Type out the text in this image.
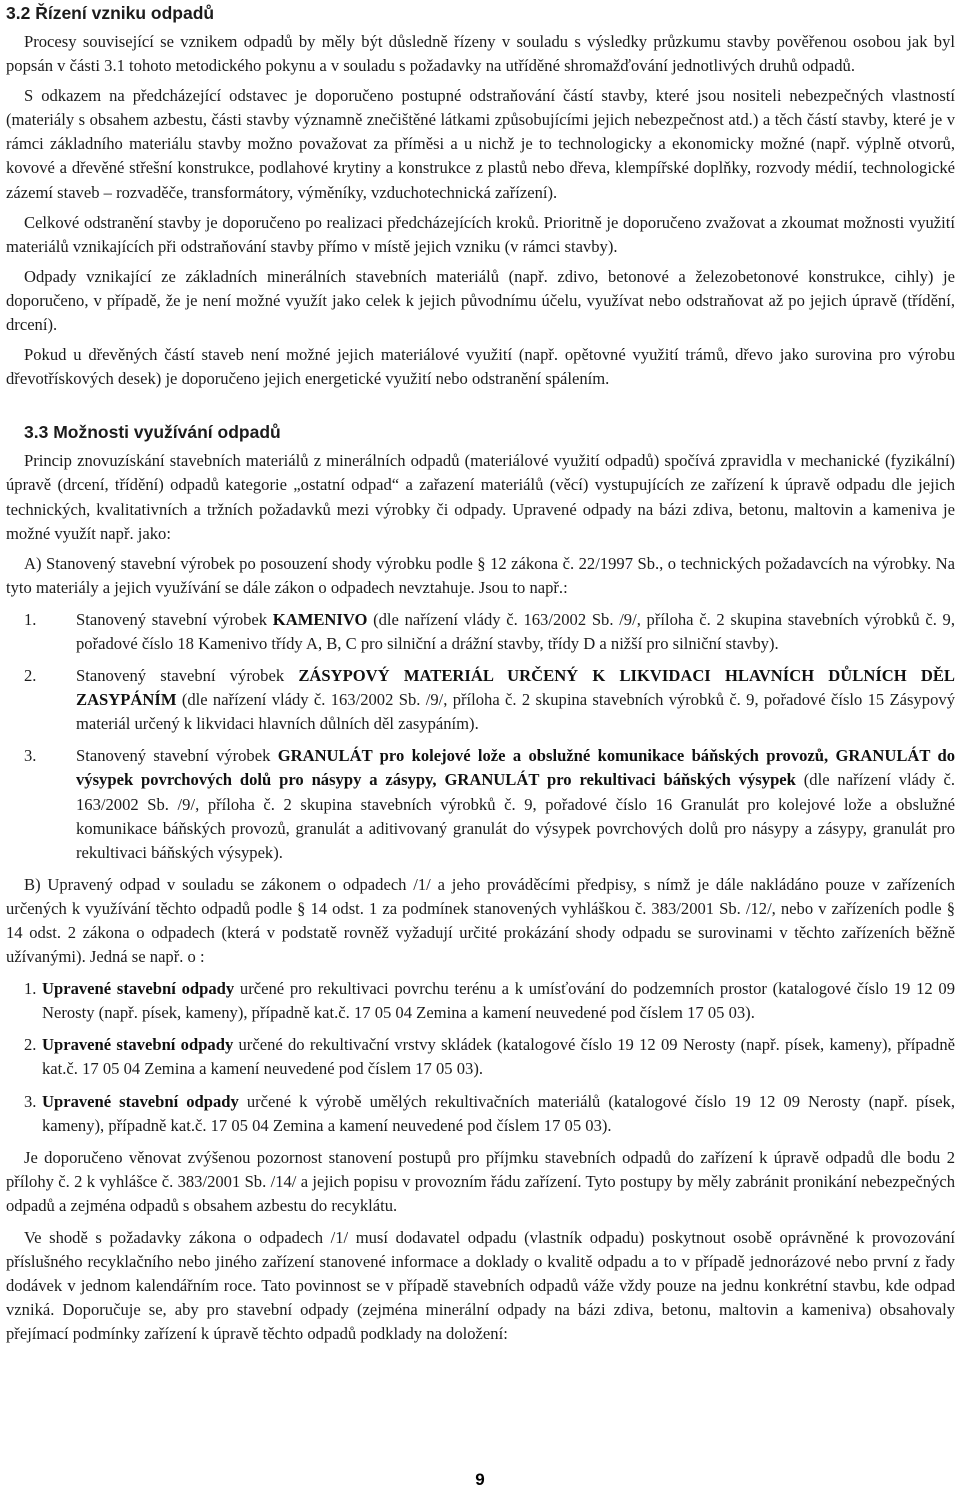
3.2 Řízení vzniku odpadů

Procesy související se vznikem odpadů by měly být důsledně řízeny v souladu s výsledky průzkumu stavby pověřenou osobou jak byl popsán v části 3.1 tohoto metodického pokynu a v souladu s požadavky na utříděné shromažďování jednotlivých druhů odpadů.

S odkazem na předcházející odstavec je doporučeno postupné odstraňování částí stavby, které jsou nositeli nebezpečných vlastností (materiály s obsahem azbestu, části stavby významně znečištěné látkami způsobujícími jejich nebezpečnost atd.) a těch částí stavby, které je v rámci základního materiálu stavby možno považovat za příměsi a u nichž je to technologicky a ekonomicky možné (např. výplně otvorů, kovové a dřevěné střešní konstrukce, podlahové krytiny a konstrukce z plastů nebo dřeva, klempířské doplňky, rozvody médií, technologické zázemí staveb – rozvaděče, transformátory, výměníky, vzduchotechnická zařízení).

Celkové odstranění stavby je doporučeno po realizaci předcházejících kroků. Prioritně je doporučeno zvažovat a zkoumat možnosti využití materiálů vznikajících při odstraňování stavby přímo v místě jejich vzniku (v rámci stavby).

Odpady vznikající ze základních minerálních stavebních materiálů (např. zdivo, betonové a železobetonové konstrukce, cihly) je doporučeno, v případě, že je není možné využít jako celek k jejich původnímu účelu, využívat nebo odstraňovat až po jejich úpravě (třídění, drcení).

Pokud u dřevěných částí staveb není možné jejich materiálové využití (např. opětovné využití trámů, dřevo jako surovina pro výrobu dřevotřískových desek) je doporučeno jejich energetické využití nebo odstranění spálením.

3.3 Možnosti využívání odpadů

Princip znovuzískání stavebních materiálů z minerálních odpadů (materiálové využití odpadů) spočívá zpravidla v mechanické (fyzikální) úpravě (drcení, třídění) odpadů kategorie „ostatní odpad“ a zařazení materiálů (věcí) vystupujících ze zařízení k úpravě odpadu dle jejich technických, kvalitativních a tržních požadavků mezi výrobky či odpady. Upravené odpady na bázi zdiva, betonu, maltovin a kameniva je možné využít např. jako:

A) Stanovený stavební výrobek po posouzení shody výrobku podle § 12 zákona č. 22/1997 Sb., o technických požadavcích na výrobky. Na tyto materiály a jejich využívání se dále zákon o odpadech nevztahuje. Jsou to např.:

1. Stanovený stavební výrobek KAMENIVO (dle nařízení vlády č. 163/2002 Sb. /9/, příloha č. 2 skupina stavebních výrobků č. 9, pořadové číslo 18 Kamenivo třídy A, B, C pro silniční a drážní stavby, třídy D a nižší pro silniční stavby).
2. Stanovený stavební výrobek ZÁSYPOVÝ MATERIÁL URČENÝ K LIKVIDACI HLAVNÍCH DŮLNÍCH DĚL ZASYPÁNÍM (dle nařízení vlády č. 163/2002 Sb. /9/, příloha č. 2 skupina stavebních výrobků č. 9, pořadové číslo 15 Zásypový materiál určený k likvidaci hlavních důlních děl zasypáním).
3. Stanovený stavební výrobek GRANULÁT pro kolejové lože a obslužné komunikace báňských provozů, GRANULÁT do výsypek povrchových dolů pro násypy a zásypy, GRANULÁT pro rekultivaci báňských výsypek (dle nařízení vlády č. 163/2002 Sb. /9/, příloha č. 2 skupina stavebních výrobků č. 9, pořadové číslo 16 Granulát pro kolejové lože a obslužné komunikace báňských provozů, granulát a aditivovaný granulát do výsypek povrchových dolů pro násypy a zásypy, granulát pro rekultivaci báňských výsypek).

B) Upravený odpad v souladu se zákonem o odpadech /1/ a jeho prováděcími předpisy, s nímž je dále nakládáno pouze v zařízeních určených k využívání těchto odpadů podle § 14 odst. 1 za podmínek stanovených vyhláškou č. 383/2001 Sb. /12/, nebo v zařízeních podle § 14 odst. 2 zákona o odpadech (která v podstatě rovněž vyžadují určité prokázání shody odpadu se surovinami v těchto zařízeních běžně užívanými). Jedná se např. o :

1. Upravené stavební odpady určené pro rekultivaci povrchu terénu a k umísťování do podzemních prostor (katalogové číslo 19 12 09 Nerosty (např. písek, kameny), případně kat.č. 17 05 04 Zemina a kamení neuvedené pod číslem 17 05 03).
2. Upravené stavební odpady určené do rekultivační vrstvy skládek (katalogové číslo 19 12 09 Nerosty (např. písek, kameny), případně kat.č. 17 05 04 Zemina a kamení neuvedené pod číslem 17 05 03).
3. Upravené stavební odpady určené k výrobě umělých rekultivačních materiálů (katalogové číslo 19 12 09 Nerosty (např. písek, kameny), případně kat.č. 17 05 04 Zemina a kamení neuvedené pod číslem 17 05 03).

Je doporučeno věnovat zvýšenou pozornost stanovení postupů pro příjmku stavebních odpadů do zařízení k úpravě odpadů dle bodu 2 přílohy č. 2 k vyhlášce č. 383/2001 Sb. /14/ a jejich popisu v provozním řádu zařízení. Tyto postupy by měly zabránit pronikání nebezpečných odpadů a zejména odpadů s obsahem azbestu do recyklátu.

Ve shodě s požadavky zákona o odpadech /1/ musí dodavatel odpadu (vlastník odpadu) poskytnout osobě oprávněné k provozování příslušného recyklačního nebo jiného zařízení stanovené informace a doklady o kvalitě odpadu a to v případě jednorázové nebo první z řady dodávek v jednom kalendářním roce. Tato povinnost se v případě stavebních odpadů váže vždy pouze na jednu konkrétní stavbu, kde odpad vzniká. Doporučuje se, aby pro stavební odpady (zejména minerální odpady na bázi zdiva, betonu, maltovin a kameniva) obsahovaly přejímací podmínky zařízení k úpravě těchto odpadů podklady na doložení:

9
